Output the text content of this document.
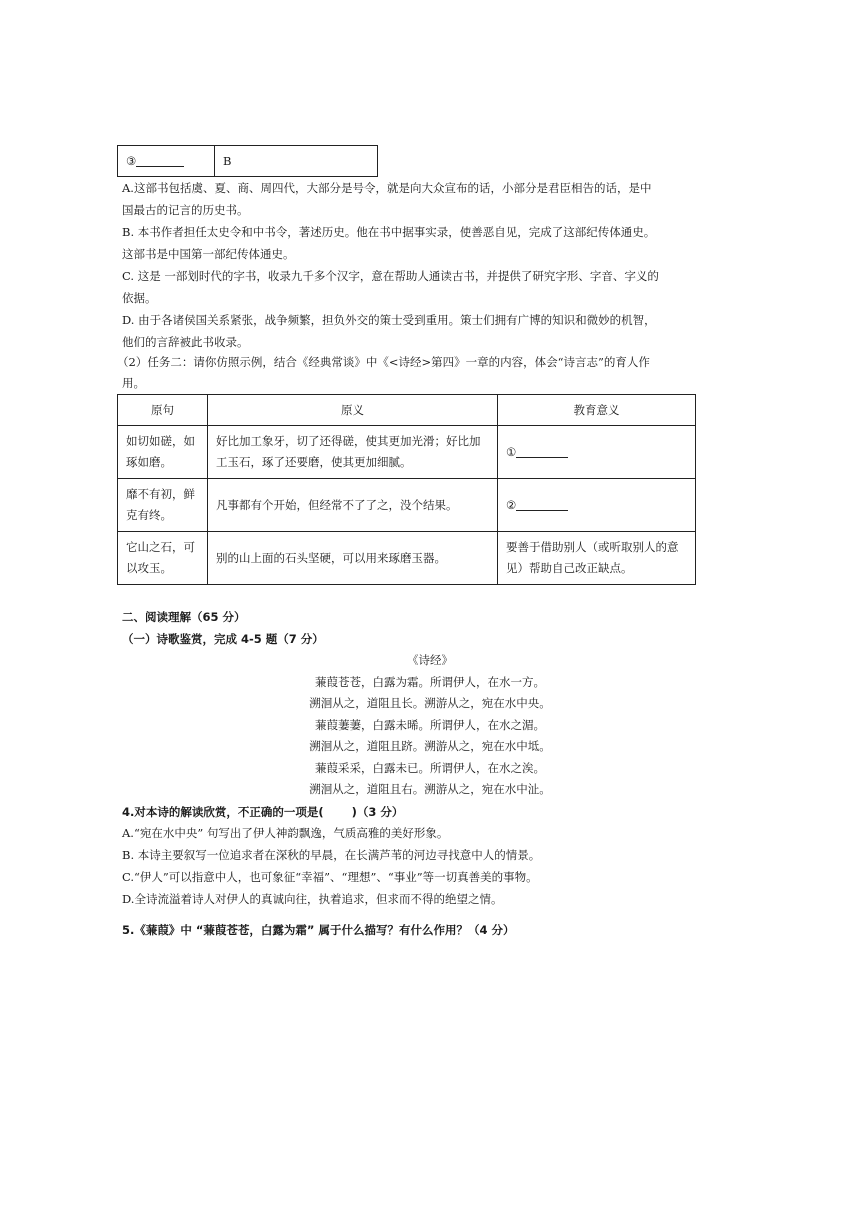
③	B

A.这部书包括虞、夏、商、周四代，大部分是号令，就是向大众宣布的话，小部分是君臣相告的话，是中

国最古的记言的历史书。

B. 本书作者担任太史令和中书令，著述历史。他在书中据事实录，使善恶自见，完成了这部纪传体通史。

这部书是中国第一部纪传体通史。

C. 这是 一部划时代的字书，收录九千多个汉字，意在帮助人通读古书，并提供了研究字形、字音、字义的

依据。

D. 由于各诸侯国关系紧张，战争频繁，担负外交的策士受到重用。策士们拥有广博的知识和微妙的机智，

他们的言辞被此书收录。

（2）任务二：请你仿照示例，结合《经典常谈》中《<诗经>第四》一章的内容，体会“诗言志”的育人作

用。

原句	原义	教育意义
如切如磋，如
琢如磨。	好比加工象牙，切了还得磋，使其更加光滑；好比加
工玉石，琢了还要磨，使其更加细腻。	①
靡不有初，鲜
克有终。	凡事都有个开始，但经常不了了之，没个结果。	②
它山之石，可
以攻玉。	别的山上面的石头坚硬，可以用来琢磨玉器。	要善于借助别人（或听取别人的意
见）帮助自己改正缺点。

二、阅读理解（65 分）

（一）诗歌鉴赏，完成 4-5 题（7 分）

《诗经》

蒹葭苍苍，白露为霜。所谓伊人，在水一方。

溯洄从之，道阻且长。溯游从之，宛在水中央。

蒹葭萋萋，白露未晞。所谓伊人，在水之湄。

溯洄从之，道阻且跻。溯游从之，宛在水中坻。

蒹葭采采，白露未已。所谓伊人，在水之涘。

溯洄从之，道阻且右。溯游从之，宛在水中沚。

4.对本诗的解读欣赏，不正确的一项是( )（3 分）

A.“宛在水中央” 句写出了伊人神韵飘逸，气质高雅的美好形象。

B. 本诗主要叙写一位追求者在深秋的早晨，在长满芦苇的河边寻找意中人的情景。

C.“伊人”可以指意中人，也可象征“幸福”、“理想”、“事业”等一切真善美的事物。

D.全诗流溢着诗人对伊人的真诚向往，执着追求，但求而不得的绝望之情。

5.《蒹葭》中 “蒹葭苍苍，白露为霜” 属于什么描写？有什么作用？（4 分）
